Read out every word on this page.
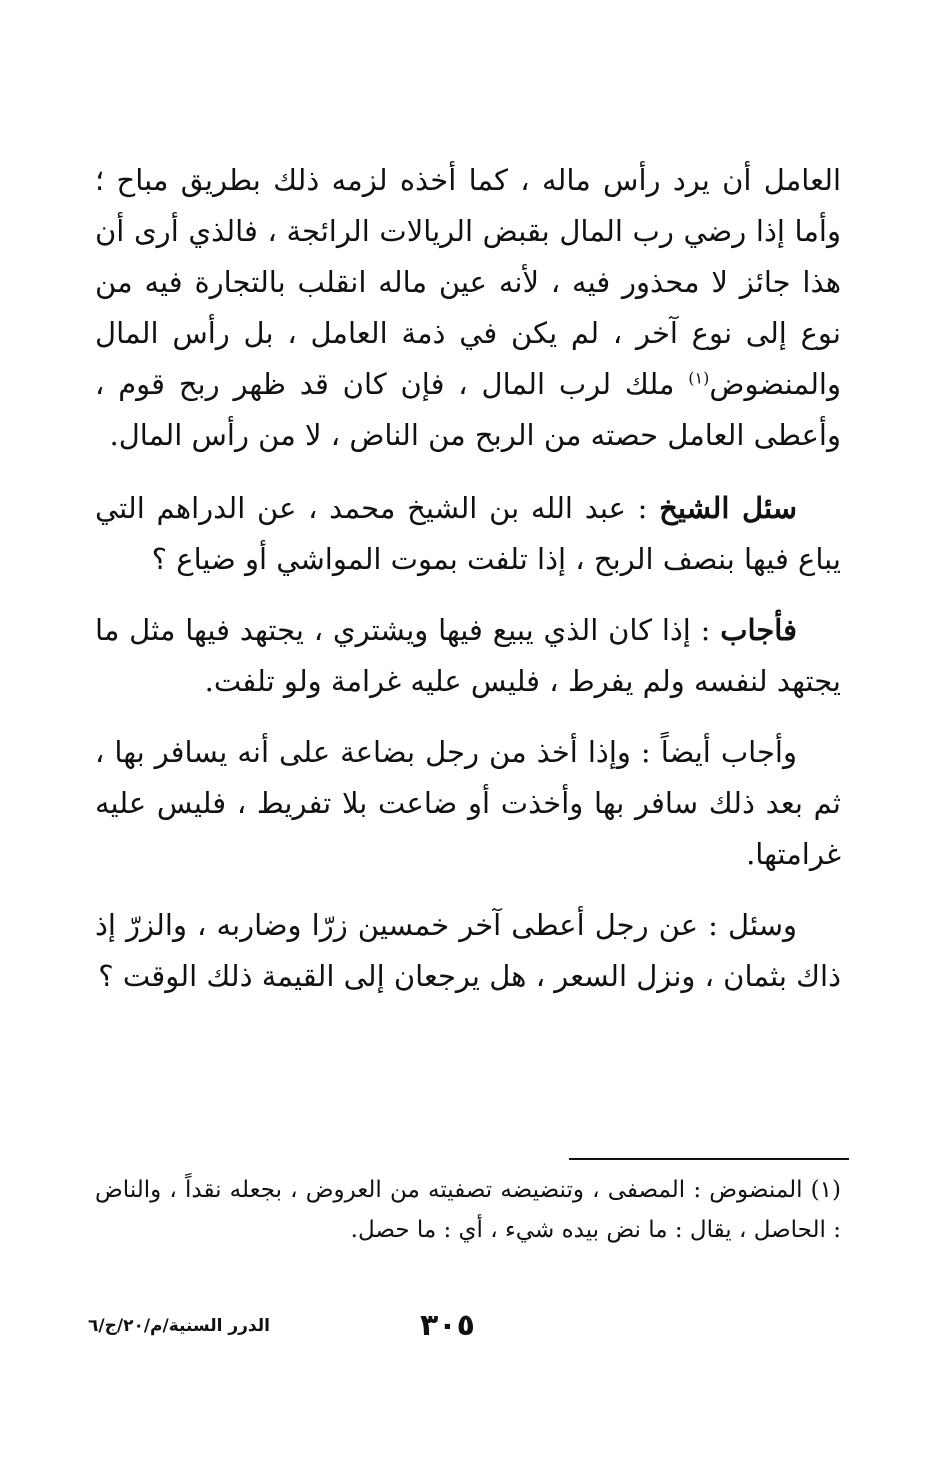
العامل أن يرد رأس ماله ، كما أخذه لزمه ذلك بطريق مباح ؛ وأما إذا رضي رب المال بقبض الريالات الرائجة ، فالذي أرى أن هذا جائز لا محذور فيه ، لأنه عين ماله انقلب بالتجارة فيه من نوع إلى نوع آخر ، لم يكن في ذمة العامل ، بل رأس المال والمنضوض$^{(١)}$ ملك لرب المال ، فإن كان قد ظهر ربح قوم ، وأعطى العامل حصته من الربح من الناض ، لا من رأس المال.

سئل الشيخ : عبد الله بن الشيخ محمد ، عن الدراهم التي يباع فيها بنصف الربح ، إذا تلفت بموت المواشي أو ضياع ؟

فأجاب : إذا كان الذي يبيع فيها ويشتري ، يجتهد فيها مثل ما يجتهد لنفسه ولم يفرط ، فليس عليه غرامة ولو تلفت.

وأجاب أيضاً : وإذا أخذ من رجل بضاعة على أنه يسافر بها ، ثم بعد ذلك سافر بها وأخذت أو ضاعت بلا تفريط ، فليس عليه غرامتها.

وسئل : عن رجل أعطى آخر خمسين زرّا وضاربه ، والزرّ إذ ذاك بثمان ، ونزل السعر ، هل يرجعان إلى القيمة ذلك الوقت ؟

(١) المنضوض : المصفى ، وتنضيضه تصفيته من العروض ، بجعله نقداً ، والناض : الحاصل ، يقال : ما نض بيده شيء ، أي : ما حصل.
٣٠٥
الدرر السنية/م/٢٠/ج/٦
